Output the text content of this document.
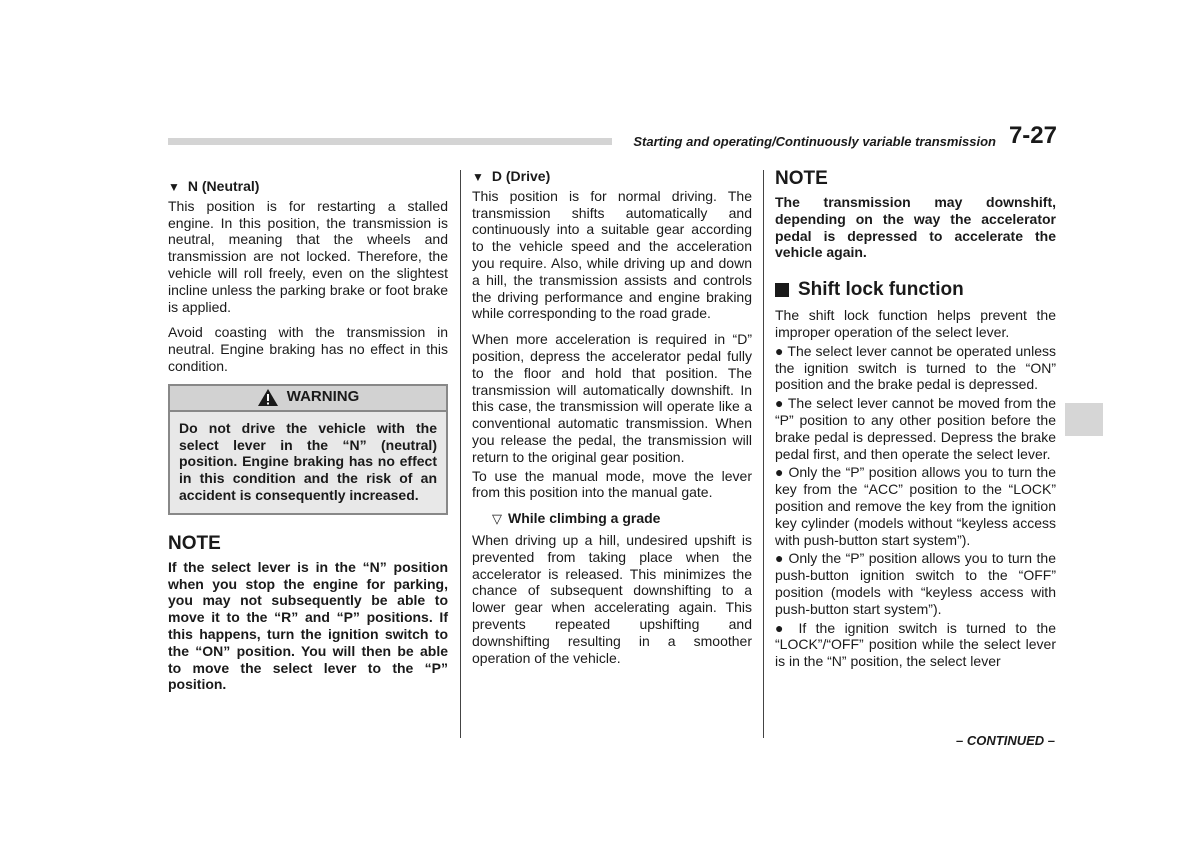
Starting and operating/Continuously variable transmission 7-27
▼ N (Neutral)

This position is for restarting a stalled engine. In this position, the transmission is neutral, meaning that the wheels and transmission are not locked. Therefore, the vehicle will roll freely, even on the slightest incline unless the parking brake or foot brake is applied.

Avoid coasting with the transmission in neutral. Engine braking has no effect in this condition.

WARNING
Do not drive the vehicle with the select lever in the “N” (neutral) position. Engine braking has no effect in this condition and the risk of an accident is consequently increased.
NOTE

If the select lever is in the “N” position when you stop the engine for parking, you may not subsequently be able to move it to the “R” and “P” positions. If this happens, turn the ignition switch to the “ON” position. You will then be able to move the select lever to the “P” position.

▼ D (Drive)

This position is for normal driving. The transmission shifts automatically and continuously into a suitable gear according to the vehicle speed and the acceleration you require. Also, while driving up and down a hill, the transmission assists and controls the driving performance and engine braking while corresponding to the road grade.

When more acceleration is required in “D” position, depress the accelerator pedal fully to the floor and hold that position. The transmission will automatically downshift. In this case, the transmission will operate like a conventional automatic transmission. When you release the pedal, the transmission will return to the original gear position.

To use the manual mode, move the lever from this position into the manual gate.

▽ While climbing a grade

When driving up a hill, undesired upshift is prevented from taking place when the accelerator is released. This minimizes the chance of subsequent downshifting to a lower gear when accelerating again. This prevents repeated upshifting and downshifting resulting in a smoother operation of the vehicle.

NOTE

The transmission may downshift, depending on the way the accelerator pedal is depressed to accelerate the vehicle again.

Shift lock function

The shift lock function helps prevent the improper operation of the select lever.

● The select lever cannot be operated unless the ignition switch is turned to the “ON” position and the brake pedal is depressed.

● The select lever cannot be moved from the “P” position to any other position before the brake pedal is depressed. Depress the brake pedal first, and then operate the select lever.

● Only the “P” position allows you to turn the key from the “ACC” position to the “LOCK” position and remove the key from the ignition key cylinder (models without “keyless access with push-button start system”).

● Only the “P” position allows you to turn the push-button ignition switch to the “OFF” position (models with “keyless access with push-button start system”).

● If the ignition switch is turned to the “LOCK”/“OFF” position while the select lever is in the “N” position, the select lever

– CONTINUED –
